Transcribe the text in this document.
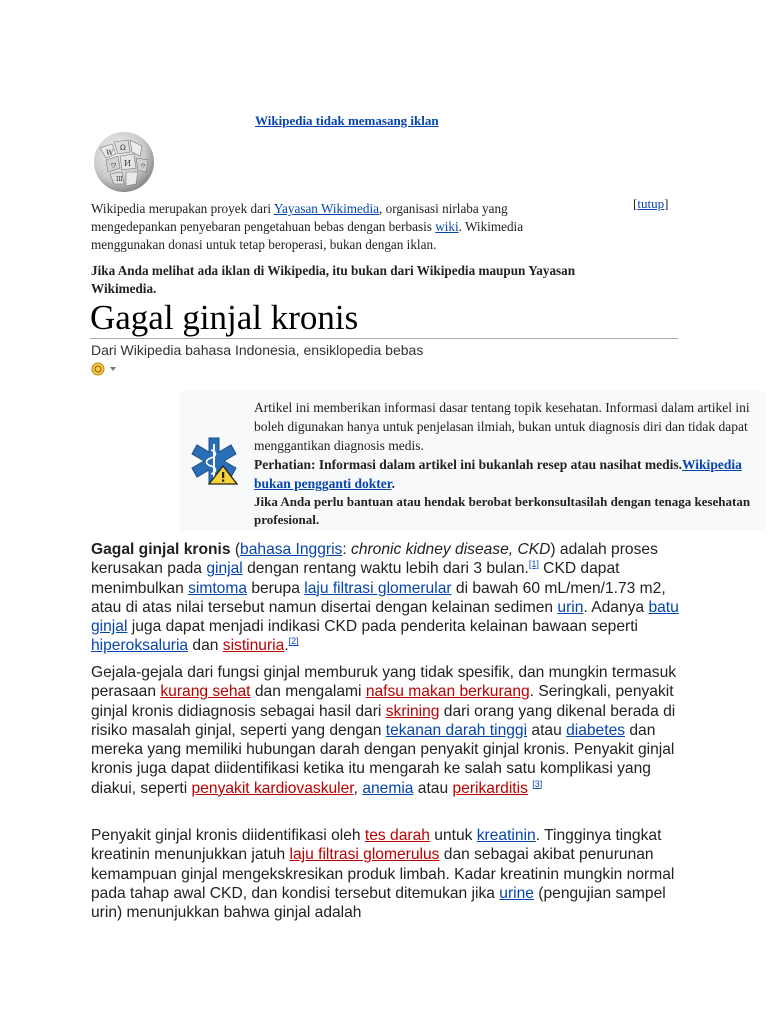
Wikipedia tidak memasang iklan
W
Ω
И
ワ	ウ
Ш
Wikipedia merupakan proyek dari Yayasan Wikimedia, organisasi nirlaba yang mengedepankan penyebaran pengetahuan bebas dengan berbasis wiki. Wikimedia menggunakan donasi untuk tetap beroperasi, bukan dengan iklan.
[tutup]
Jika Anda melihat ada iklan di Wikipedia, itu bukan dari Wikipedia maupun Yayasan Wikimedia.
Gagal ginjal kronis
Dari Wikipedia bahasa Indonesia, ensiklopedia bebas
Artikel ini memberikan informasi dasar tentang topik kesehatan. Informasi dalam artikel ini boleh digunakan hanya untuk penjelasan ilmiah, bukan untuk diagnosis diri dan tidak dapat menggantikan diagnosis medis.
Perhatian: Informasi dalam artikel ini bukanlah resep atau nasihat medis.Wikipedia bukan pengganti dokter.
Jika Anda perlu bantuan atau hendak berobat berkonsultasilah dengan tenaga kesehatan profesional.
Gagal ginjal kronis (bahasa Inggris: chronic kidney disease, CKD) adalah proses kerusakan pada ginjal dengan rentang waktu lebih dari 3 bulan.[1] CKD dapat menimbulkan simtoma berupa laju filtrasi glomerular di bawah 60 mL/men/1.73 m2, atau di atas nilai tersebut namun disertai dengan kelainan sedimen urin. Adanya batu ginjal juga dapat menjadi indikasi CKD pada penderita kelainan bawaan seperti hiperoksaluria dan sistinuria.[2]
Gejala-gejala dari fungsi ginjal memburuk yang tidak spesifik, dan mungkin termasuk perasaan kurang sehat dan mengalami nafsu makan berkurang. Seringkali, penyakit ginjal kronis didiagnosis sebagai hasil dari skrining dari orang yang dikenal berada di risiko masalah ginjal, seperti yang dengan tekanan darah tinggi atau diabetes dan mereka yang memiliki hubungan darah dengan penyakit ginjal kronis. Penyakit ginjal kronis juga dapat diidentifikasi ketika itu mengarah ke salah satu komplikasi yang diakui, seperti penyakit kardiovaskuler, anemia atau perikarditis [3]
Penyakit ginjal kronis diidentifikasi oleh tes darah untuk kreatinin. Tingginya tingkat kreatinin menunjukkan jatuh laju filtrasi glomerulus dan sebagai akibat penurunan kemampuan ginjal mengekskresikan produk limbah. Kadar kreatinin mungkin normal pada tahap awal CKD, dan kondisi tersebut ditemukan jika urine (pengujian sampel urin) menunjukkan bahwa ginjal adalah
